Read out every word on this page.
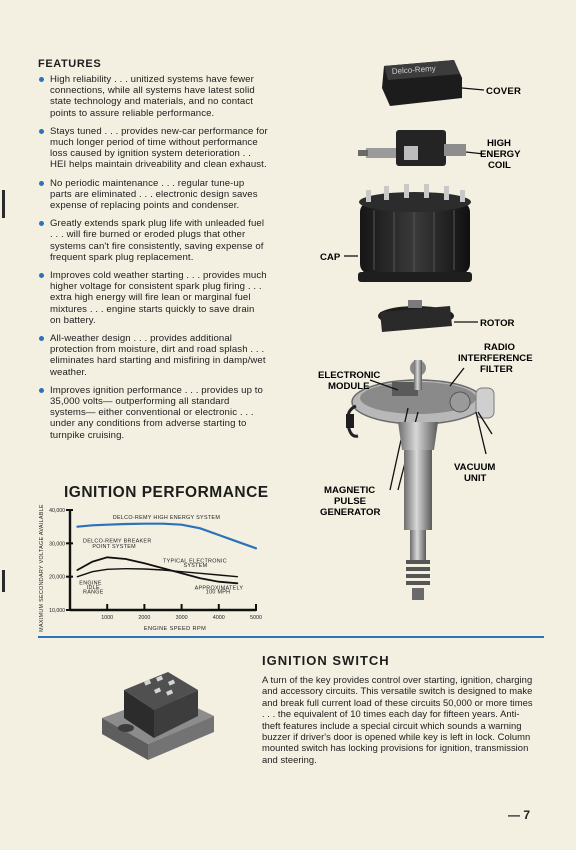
FEATURES
High reliability . . . unitized systems have fewer connections, while all systems have latest solid state technology and materials, and no contact points to assure reliable performance.
Stays tuned . . . provides new-car performance for much longer period of time without performance loss caused by ignition system deterioration . . HEI helps maintain driveability and clean exhaust.
No periodic maintenance . . . regular tune-up parts are eliminated . . . electronic design saves expense of replacing points and condenser.
Greatly extends spark plug life with unleaded fuel . . . will fire burned or eroded plugs that other systems can't fire consistently, saving expense of frequent spark plug replacement.
Improves cold weather starting . . . provides much higher voltage for consistent spark plug firing . . . extra high energy will fire lean or marginal fuel mixtures . . . engine starts quickly to save drain on battery.
All-weather design . . . provides additional protection from moisture, dirt and road splash . . . eliminates hard starting and misfiring in damp/wet weather.
Improves ignition performance . . . provides up to 35,000 volts— outperforming all standard systems— either conventional or electronic . . . under any conditions from adverse starting to turnpike cruising.
IGNITION PERFORMANCE
10,000
20,000
30,000
40,000
1000	2000	3000	4000	5000
ENGINE SPEED RPM
MAXIMUM SECONDARY VOLTAGE AVAILABLE	DELCO-REMY HIGH ENERGY SYSTEM
DELCO-REMY BREAKER
POINT SYSTEM
TYPICAL ELECTRONIC
SYSTEM
ENGINE
IDLE
RANGE
APPROXIMATELY
100 MPH
Delco-Remy
COVER
HIGH
ENERGY
COIL
CAP
ROTOR
RADIO
INTERFERENCE
FILTER
ELECTRONIC
MODULE
VACUUM
UNIT
MAGNETIC
PULSE
GENERATOR
IGNITION SWITCH
A turn of the key provides control over starting, ignition, charging and accessory circuits. This versatile switch is designed to make and break full current load of these circuits 50,000 or more times . . . the equivalent of 10 times each day for fifteen years. Anti-theft features include a special circuit which sounds a warning buzzer if driver's door is opened while key is left in lock. Column mounted switch has locking provisions for ignition, transmission and steering.
— 7
